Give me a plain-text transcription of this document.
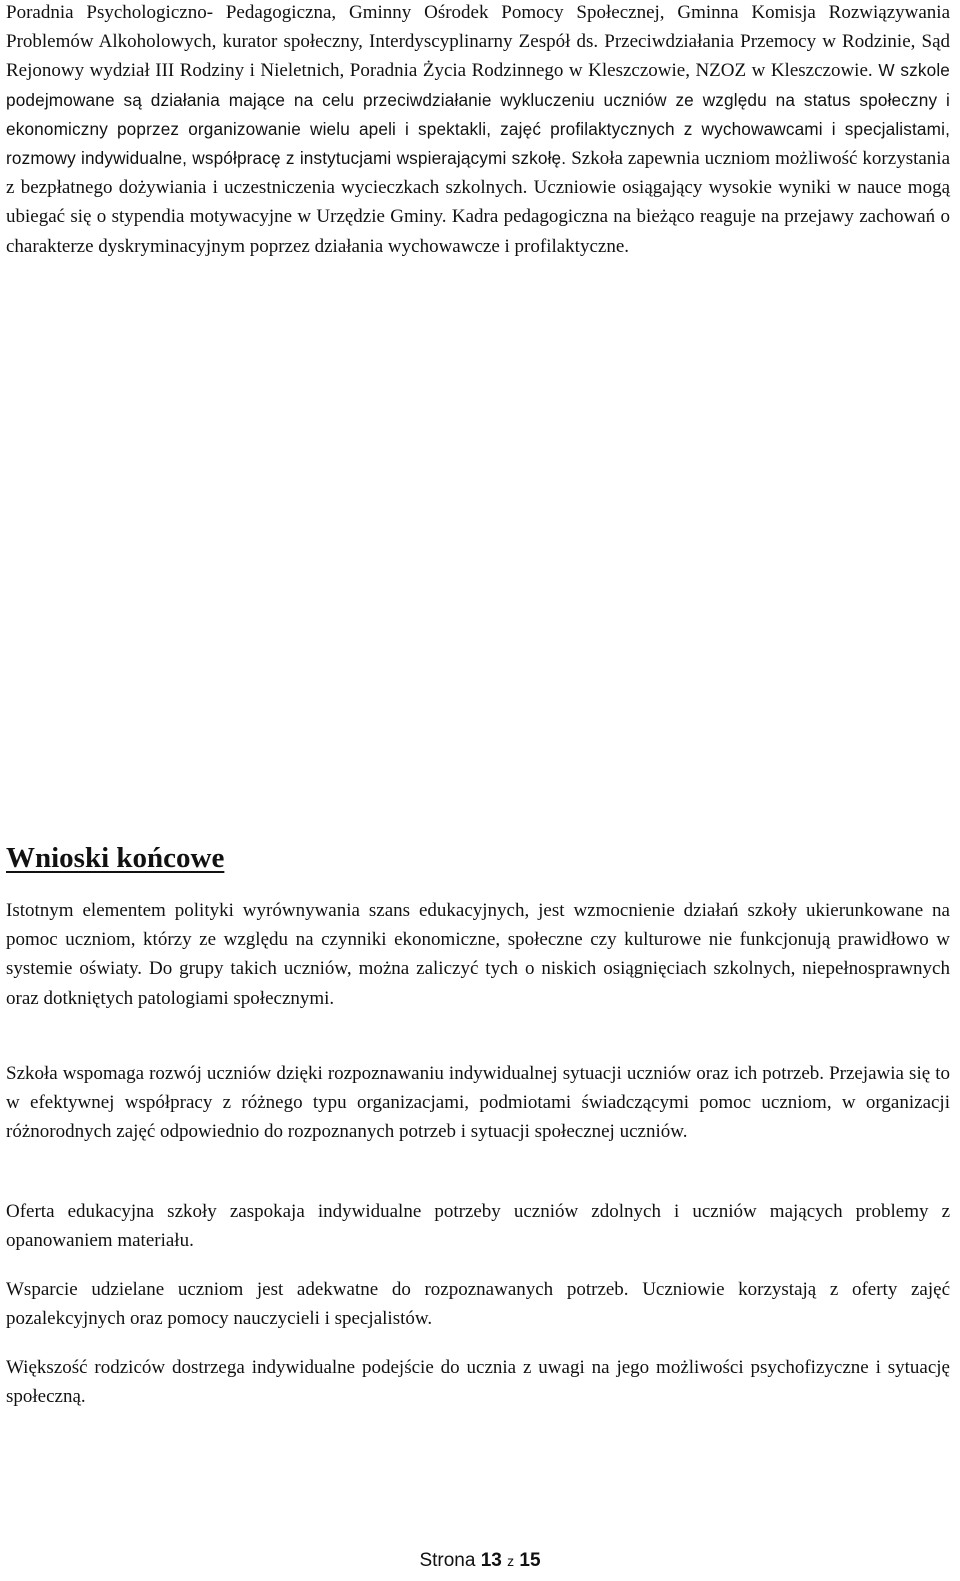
Poradnia Psychologiczno- Pedagogiczna, Gminny Ośrodek Pomocy Społecznej, Gminna Komisja Rozwiązywania Problemów Alkoholowych, kurator społeczny, Interdyscyplinarny Zespół ds. Przeciwdziałania Przemocy w Rodzinie, Sąd Rejonowy wydział III Rodziny i Nieletnich, Poradnia Życia Rodzinnego w Kleszczowie, NZOZ w Kleszczowie. W szkole podejmowane są działania mające na celu przeciwdziałanie wykluczeniu uczniów ze względu na status społeczny i ekonomiczny poprzez organizowanie wielu apeli i spektakli, zajęć profilaktycznych z wychowawcami i specjalistami, rozmowy indywidualne, współpracę z instytucjami wspierającymi szkołę. Szkoła zapewnia uczniom możliwość korzystania z bezpłatnego dożywiania i uczestniczenia wycieczkach szkolnych. Uczniowie osiągający wysokie wyniki w nauce mogą ubiegać się o stypendia motywacyjne w Urzędzie Gminy. Kadra pedagogiczna na bieżąco reaguje na przejawy zachowań o charakterze dyskryminacyjnym poprzez działania wychowawcze i profilaktyczne.

Wnioski końcowe

Istotnym elementem polityki wyrównywania szans edukacyjnych, jest wzmocnienie działań szkoły ukierunkowane na pomoc uczniom, którzy ze względu na czynniki ekonomiczne, społeczne czy kulturowe nie funkcjonują prawidłowo w systemie oświaty. Do grupy takich uczniów, można zaliczyć tych o niskich osiągnięciach szkolnych, niepełnosprawnych oraz dotkniętych patologiami społecznymi.

Szkoła wspomaga rozwój uczniów dzięki rozpoznawaniu indywidualnej sytuacji uczniów oraz ich potrzeb. Przejawia się to w efektywnej współpracy z różnego typu organizacjami, podmiotami świadczącymi pomoc uczniom, w organizacji różnorodnych zajęć odpowiednio do rozpoznanych potrzeb i sytuacji społecznej uczniów.

Oferta edukacyjna szkoły zaspokaja indywidualne potrzeby uczniów zdolnych i uczniów mających problemy z opanowaniem materiału.

Wsparcie udzielane uczniom jest adekwatne do rozpoznawanych potrzeb. Uczniowie korzystają z oferty zajęć pozalekcyjnych oraz pomocy nauczycieli i specjalistów.

Większość rodziców dostrzega indywidualne podejście do ucznia z uwagi na jego możliwości psychofizyczne i sytuację społeczną.

Strona 13 z 15
